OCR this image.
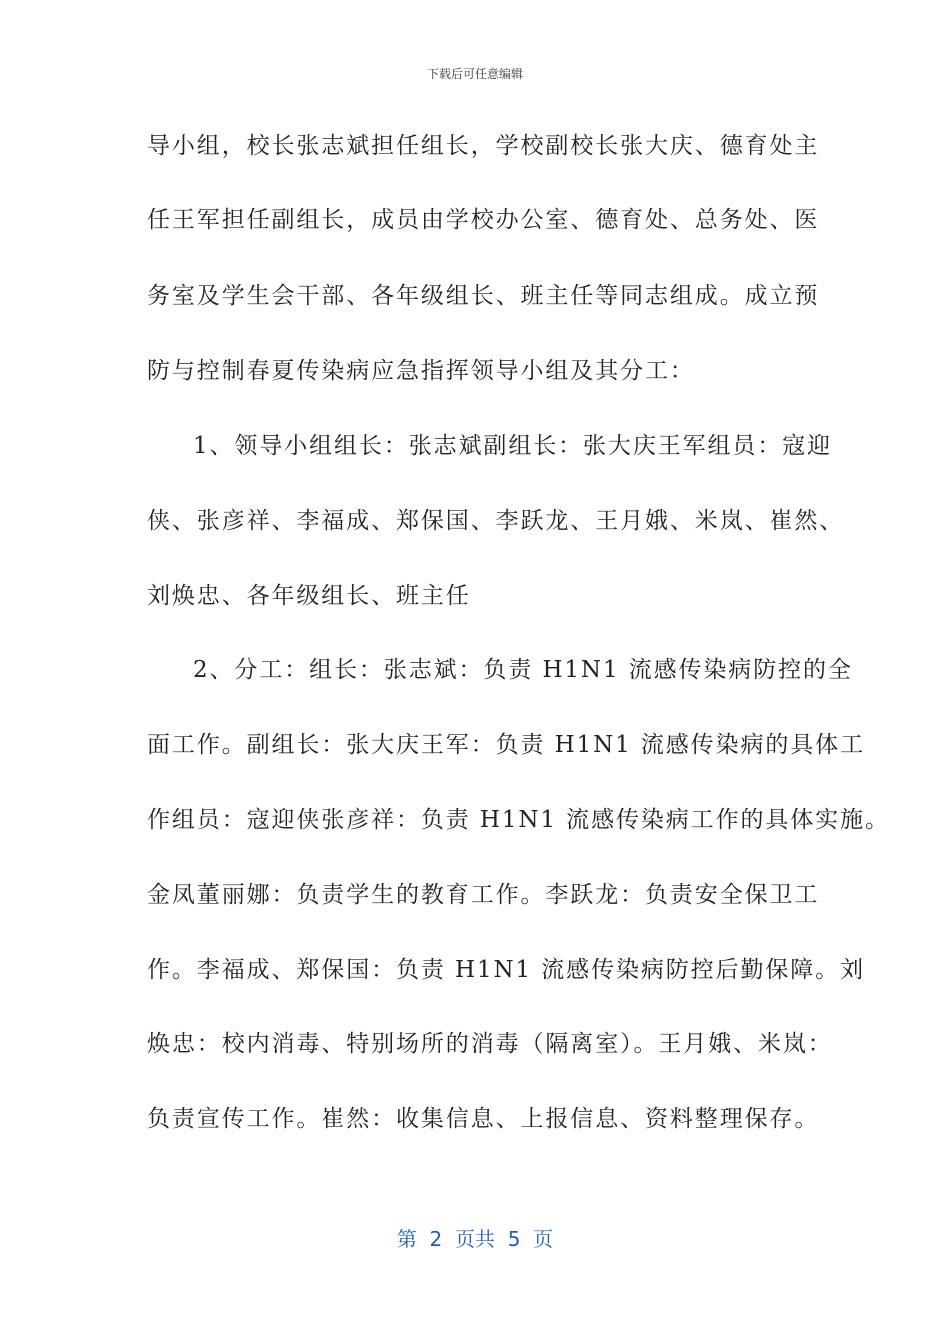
下载后可任意编辑
导小组，校长张志斌担任组长，学校副校长张大庆、德育处主
任王军担任副组长，成员由学校办公室、德育处、总务处、医
务室及学生会干部、各年级组长、班主任等同志组成。成立预
防与控制春夏传染病应急指挥领导小组及其分工：
1、领导小组组长：张志斌副组长：张大庆王军组员：寇迎
侠、张彦祥、李福成、郑保国、李跃龙、王月娥、米岚、崔然、
刘焕忠、各年级组长、班主任
2、分工：组长：张志斌：负责 H1N1 流感传染病防控的全
面工作。副组长：张大庆王军：负责 H1N1 流感传染病的具体工
作组员：寇迎侠张彦祥：负责 H1N1 流感传染病工作的具体实施。
金凤董丽娜：负责学生的教育工作。李跃龙：负责安全保卫工
作。李福成、郑保国：负责 H1N1 流感传染病防控后勤保障。刘
焕忠：校内消毒、特别场所的消毒（隔离室）。王月娥、米岚：
负责宣传工作。崔然：收集信息、上报信息、资料整理保存。
第  2  页共  5  页
